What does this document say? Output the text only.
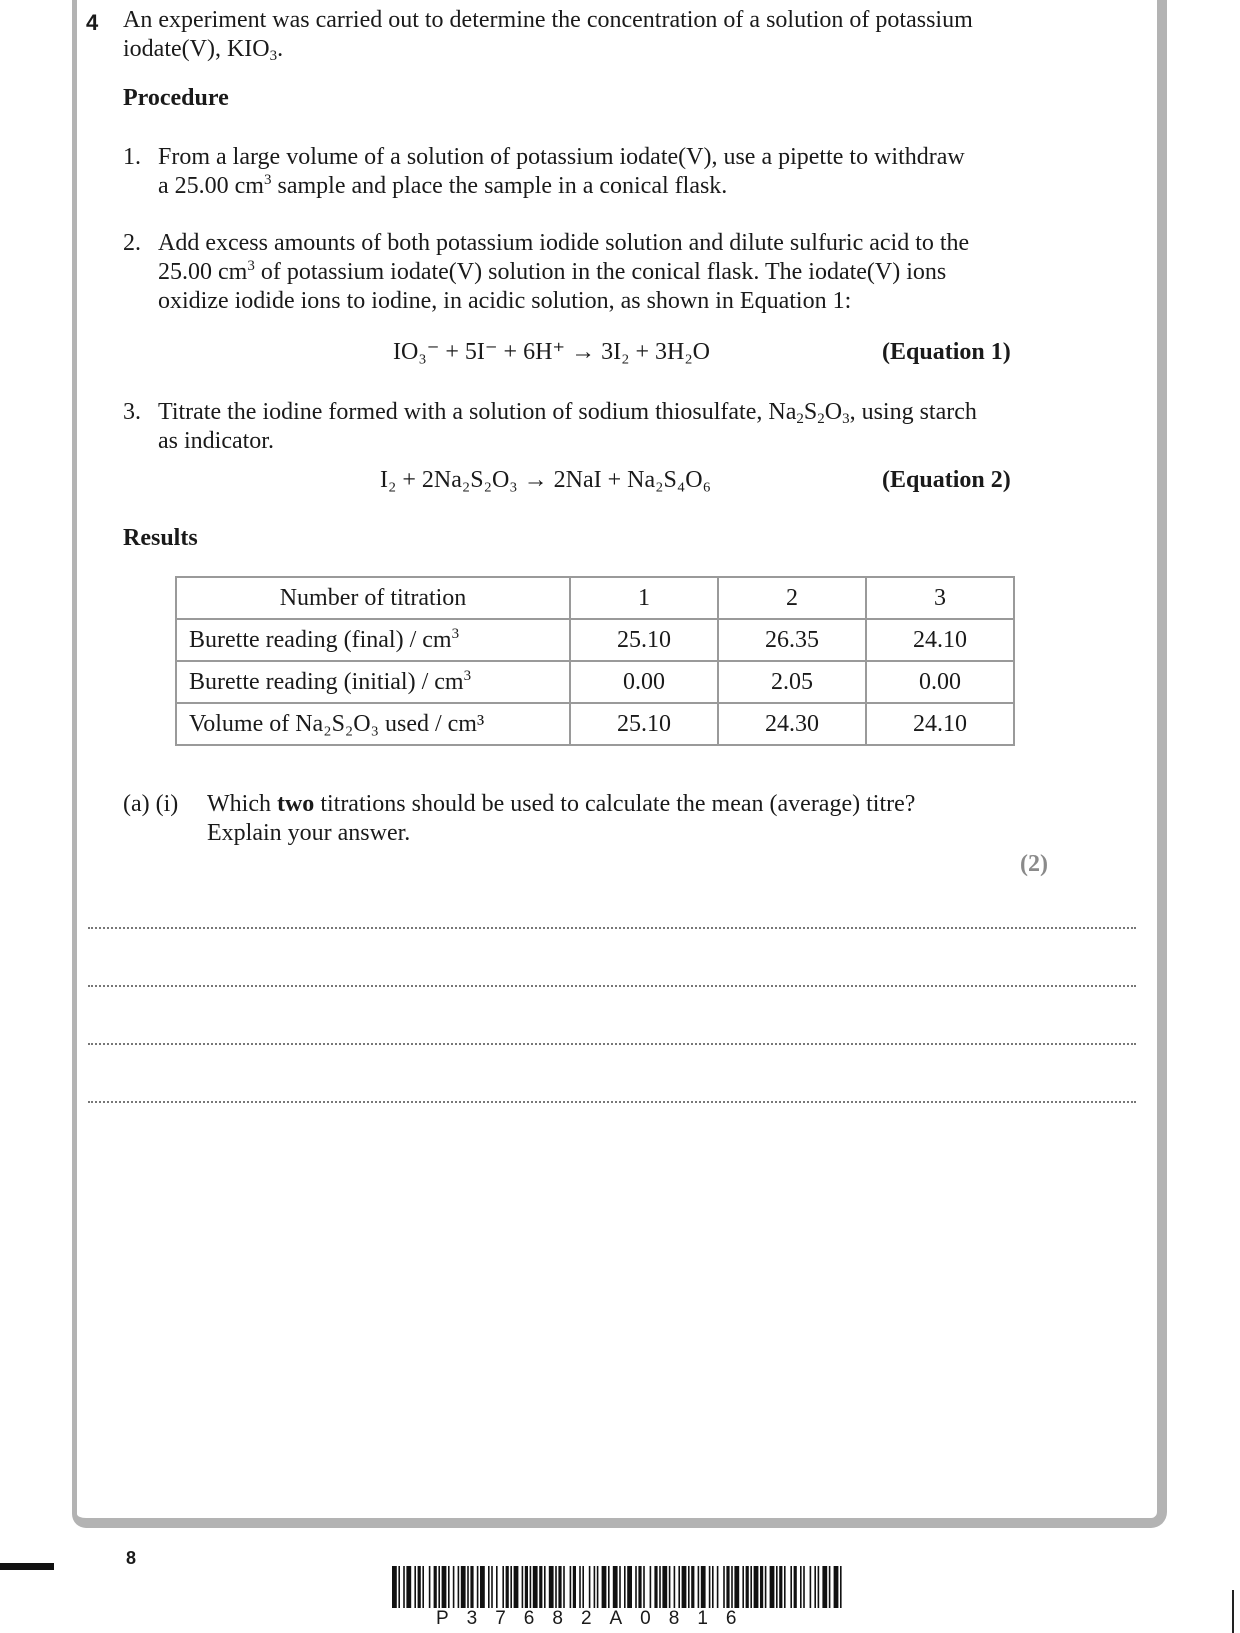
4 An experiment was carried out to determine the concentration of a solution of potassium
iodate(V), $KIO_3$.
Procedure
1. From a large volume of a solution of potassium iodate(V), use a pipette to withdraw
a 25.00 $cm^3$ sample and place the sample in a conical flask.
2. Add excess amounts of both potassium iodide solution and dilute sulfuric acid to the
25.00 $cm^3$ of potassium iodate(V) solution in the conical flask. The iodate(V) ions
oxidize iodide ions to iodine, in acidic solution, as shown in Equation 1:
IO₃⁻ + 5I⁻ + 6H⁺ → 3I₂ + 3H₂O	(Equation 1)
3. Titrate the iodine formed with a solution of sodium thiosulfate, $Na_2S_2O_3$, using starch
as indicator.
I₂ + 2Na₂S₂O₃ → 2NaI + Na₂S₄O₆	(Equation 2)
Results
Number of titration	1	2	3
Burette reading (final) / $cm^3$	25.10	26.35	24.10
Burette reading (initial) / $cm^3$	0.00	2.05	0.00
Volume of Na₂S₂O₃ used / cm³	25.10	24.30	24.10
(a) (i) Which two titrations should be used to calculate the mean (average) titre?
Explain your answer.
(2)
8
P37682A0816
